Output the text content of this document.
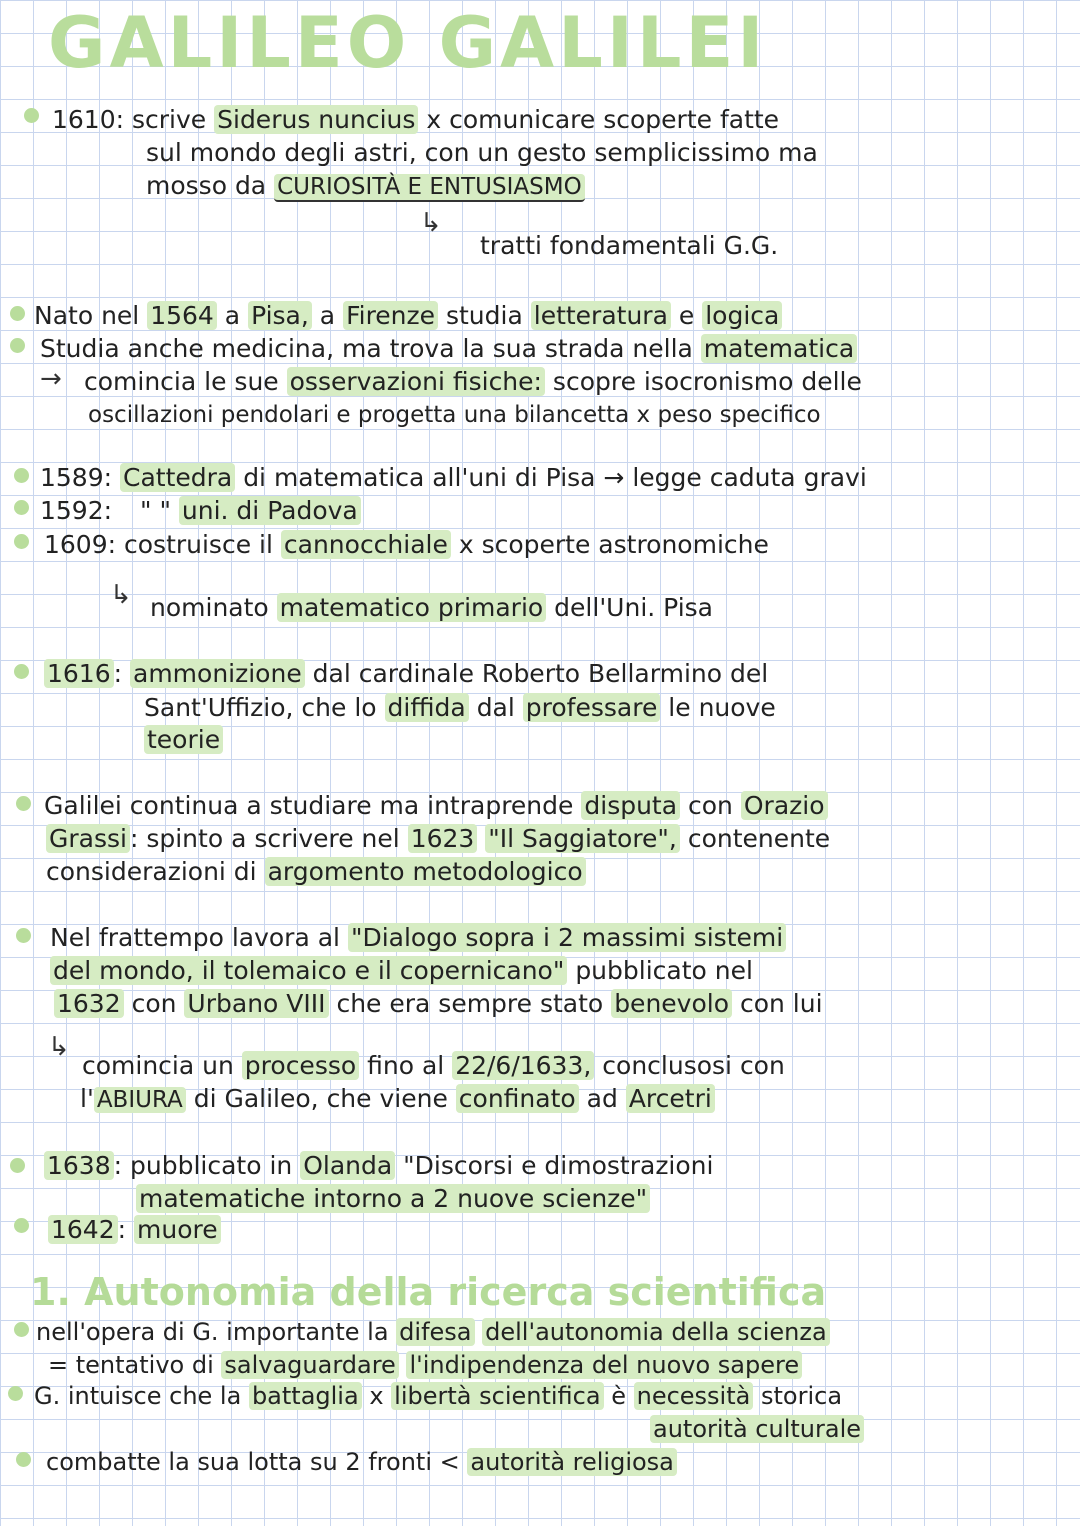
GALILEO GALILEI
1610: scrive Siderus nuncius x comunicare scoperte fatte
sul mondo degli astri, con un gesto semplicissimo ma
mosso da CURIOSITÀ E ENTUSIASMO
↳
tratti fondamentali G.G.
Nato nel 1564 a Pisa, a Firenze studia letteratura e logica
Studia anche medicina, ma trova la sua strada nella matematica
→ comincia le sue osservazioni fisiche: scopre isocronismo delle
oscillazioni pendolari e progetta una bilancetta x peso specifico
1589: Cattedra di matematica all'uni di Pisa → legge caduta gravi
1592: " " uni. di Padova
1609: costruisce il cannocchiale x scoperte astronomiche
↳ nominato matematico primario dell'Uni. Pisa
1616 : ammonizione dal cardinale Roberto Bellarmino del
Sant'Uffizio, che lo diffida dal professare le nuove
teorie
Galilei continua a studiare ma intraprende disputa con Orazio
Grassi : spinto a scrivere nel 1623 "Il Saggiatore", contenente
considerazioni di argomento metodologico
Nel frattempo lavora al "Dialogo sopra i 2 massimi sistemi
del mondo, il tolemaico e il copernicano" pubblicato nel
1632 con Urbano VIII che era sempre stato benevolo con lui
↳
comincia un processo fino al 22/6/1633, conclusosi con
l' ABIURA di Galileo, che viene confinato ad Arcetri
1638 : pubblicato in Olanda "Discorsi e dimostrazioni
matematiche intorno a 2 nuove scienze"
1642 : muore
1. Autonomia della ricerca scientifica
nell'opera di G. importante la difesa dell'autonomia della scienza
= tentativo di salvaguardare l'indipendenza del nuovo sapere
G. intuisce che la battaglia x libertà scientifica è necessità storica
autorità culturale
combatte la sua lotta su 2 fronti < autorità religiosa
